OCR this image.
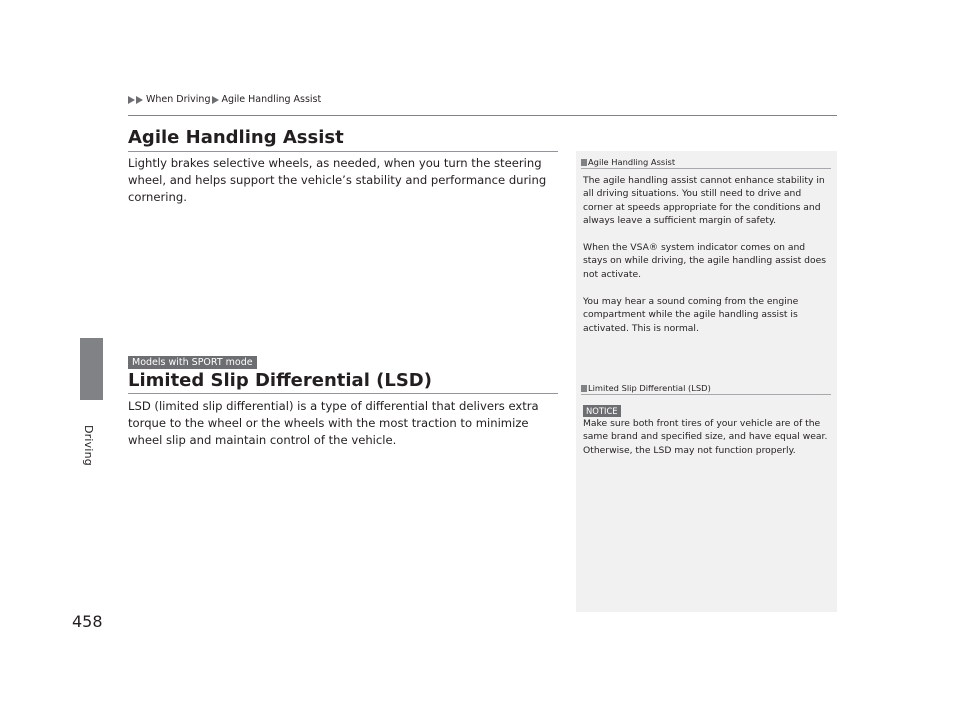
When Driving Agile Handling Assist
Driving
458
Agile Handling Assist

Lightly brakes selective wheels, as needed, when you turn the steering wheel, and helps support the vehicle’s stability and performance during cornering.

Models with SPORT mode
Limited Slip Differential (LSD)

LSD (limited slip differential) is a type of differential that delivers extra torque to the wheel or the wheels with the most traction to minimize wheel slip and maintain control of the vehicle.

Agile Handling Assist

The agile handling assist cannot enhance stability in all driving situations. You still need to drive and corner at speeds appropriate for the conditions and always leave a sufficient margin of safety.

When the VSA® system indicator comes on and stays on while driving, the agile handling assist does not activate.

You may hear a sound coming from the engine compartment while the agile handling assist is activated. This is normal.

Limited Slip Differential (LSD)
NOTICE

Make sure both front tires of your vehicle are of the same brand and specified size, and have equal wear. Otherwise, the LSD may not function properly.
